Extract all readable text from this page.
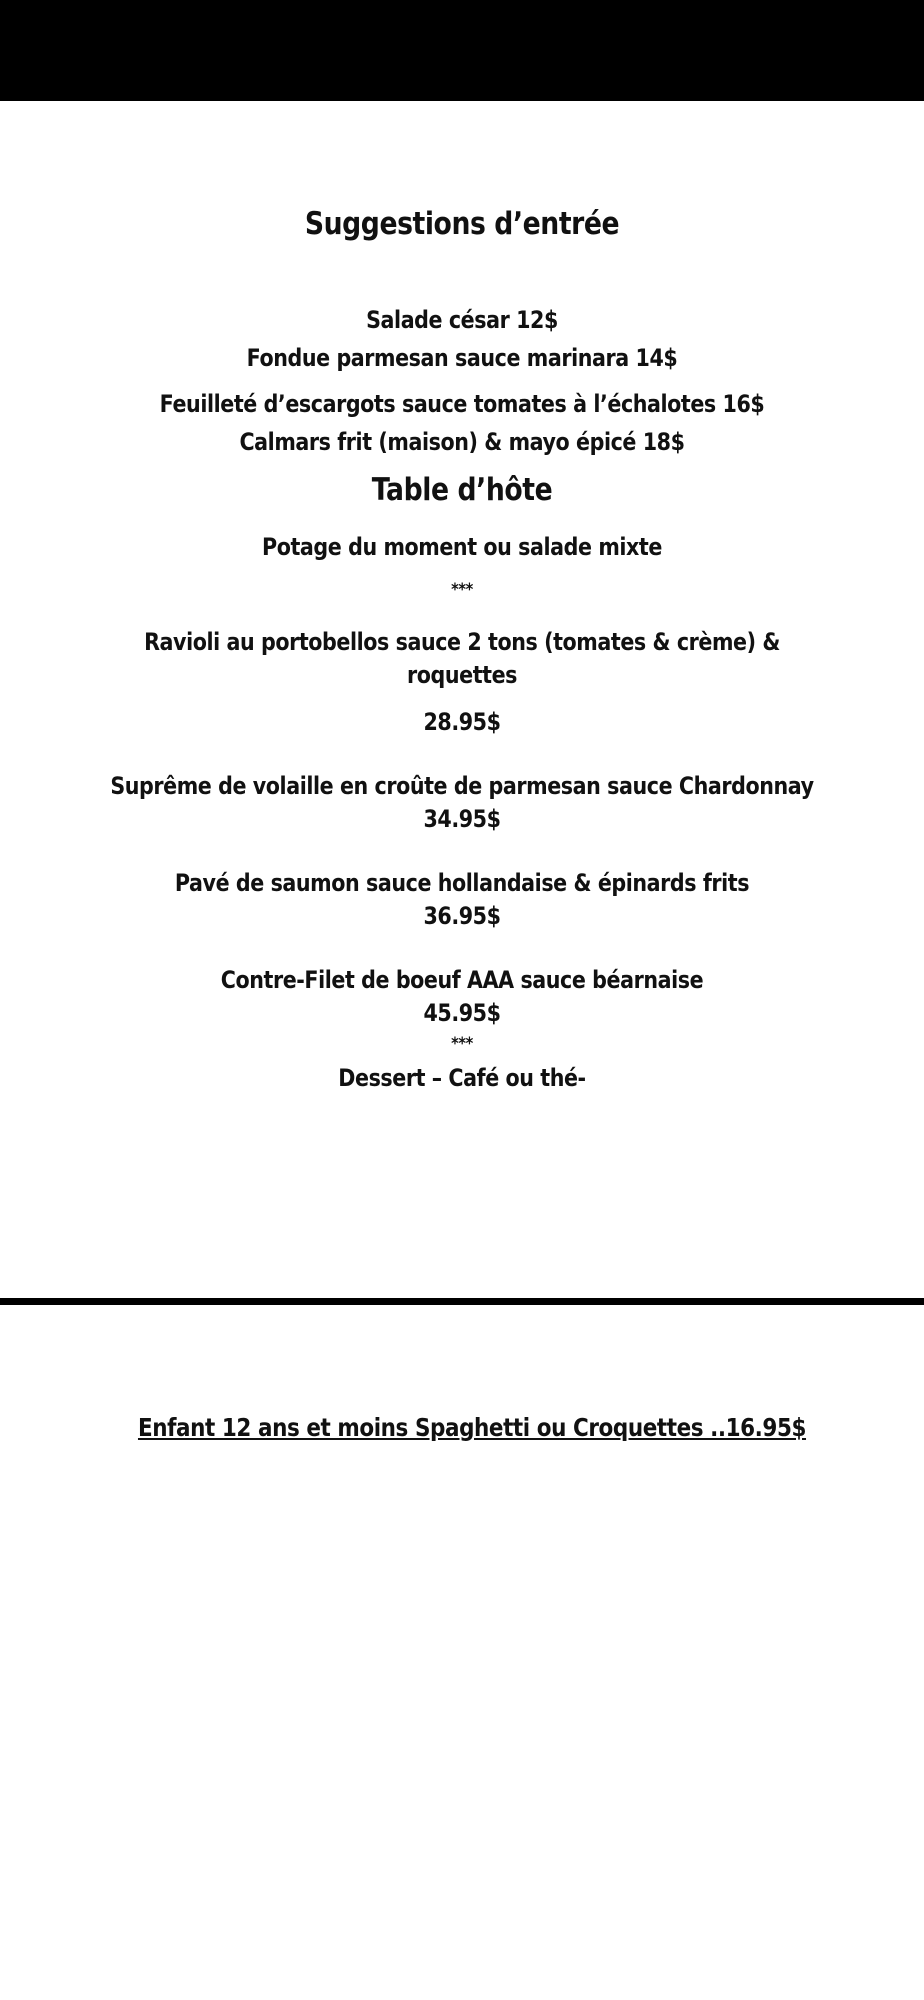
Suggestions d’entrée
Salade césar 12$
Fondue parmesan sauce marinara 14$
Feuilleté d’escargots sauce tomates à l’échalotes 16$
Calmars frit (maison) & mayo épicé 18$
Table d’hôte
Potage du moment ou salade mixte
***
Ravioli au portobellos sauce 2 tons (tomates & crème) &
roquettes
28.95$
Suprême de volaille en croûte de parmesan sauce Chardonnay
34.95$
Pavé de saumon sauce hollandaise & épinards frits
36.95$
Contre-Filet de boeuf AAA sauce béarnaise
45.95$
***
Dessert – Café ou thé-
Enfant 12 ans et moins Spaghetti ou Croquettes ..16.95$
